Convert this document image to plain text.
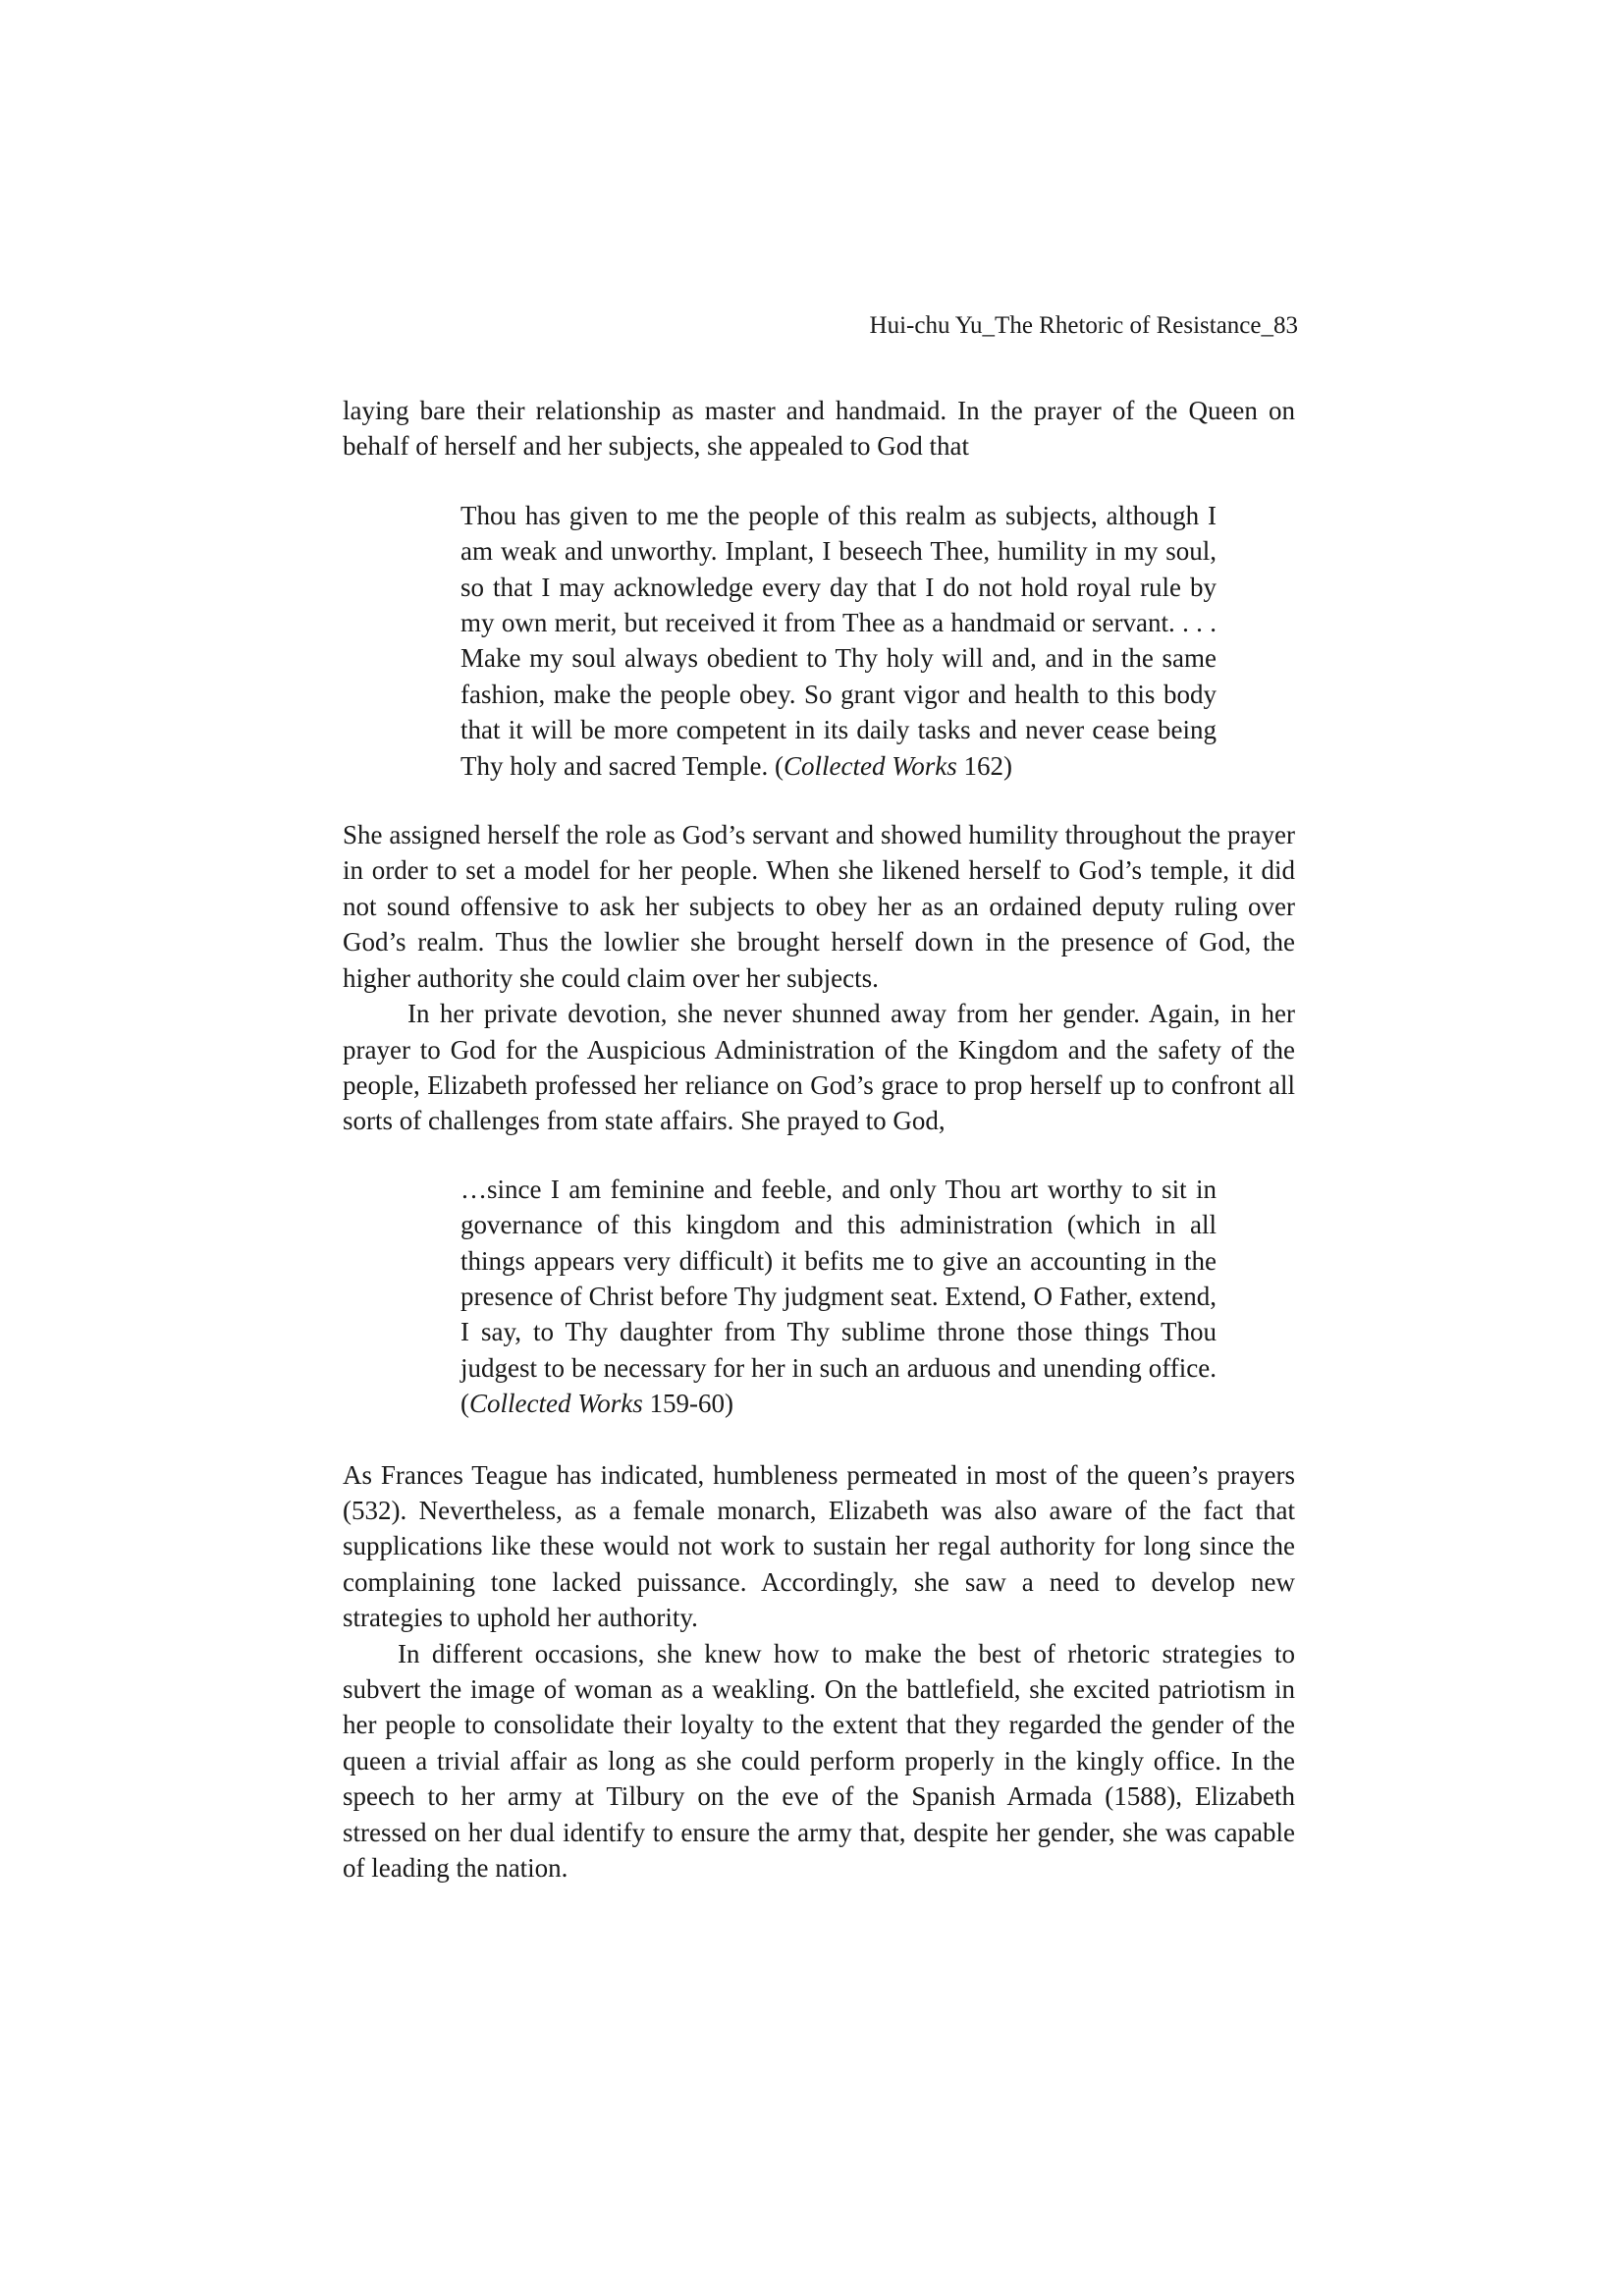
Hui-chu Yu_The Rhetoric of Resistance_83

laying bare their relationship as master and handmaid. In the prayer of the Queen on behalf of herself and her subjects, she appealed to God that

Thou has given to me the people of this realm as subjects, although I am weak and unworthy. Implant, I beseech Thee, humility in my soul, so that I may acknowledge every day that I do not hold royal rule by my own merit, but received it from Thee as a handmaid or servant. . . . Make my soul always obedient to Thy holy will and, and in the same fashion, make the people obey. So grant vigor and health to this body that it will be more competent in its daily tasks and never cease being Thy holy and sacred Temple. (Collected Works 162)

She assigned herself the role as God’s servant and showed humility throughout the prayer in order to set a model for her people. When she likened herself to God’s temple, it did not sound offensive to ask her subjects to obey her as an ordained deputy ruling over God’s realm. Thus the lowlier she brought herself down in the presence of God, the higher authority she could claim over her subjects.

In her private devotion, she never shunned away from her gender. Again, in her prayer to God for the Auspicious Administration of the Kingdom and the safety of the people, Elizabeth professed her reliance on God’s grace to prop herself up to confront all sorts of challenges from state affairs. She prayed to God,

…since I am feminine and feeble, and only Thou art worthy to sit in governance of this kingdom and this administration (which in all things appears very difficult) it befits me to give an accounting in the presence of Christ before Thy judgment seat. Extend, O Father, extend, I say, to Thy daughter from Thy sublime throne those things Thou judgest to be necessary for her in such an arduous and unending office. (Collected Works 159-60)

As Frances Teague has indicated, humbleness permeated in most of the queen’s prayers (532). Nevertheless, as a female monarch, Elizabeth was also aware of the fact that supplications like these would not work to sustain her regal authority for long since the complaining tone lacked puissance. Accordingly, she saw a need to develop new strategies to uphold her authority.

In different occasions, she knew how to make the best of rhetoric strategies to subvert the image of woman as a weakling. On the battlefield, she excited patriotism in her people to consolidate their loyalty to the extent that they regarded the gender of the queen a trivial affair as long as she could perform properly in the kingly office. In the speech to her army at Tilbury on the eve of the Spanish Armada (1588), Elizabeth stressed on her dual identify to ensure the army that, despite her gender, she was capable of leading the nation.
